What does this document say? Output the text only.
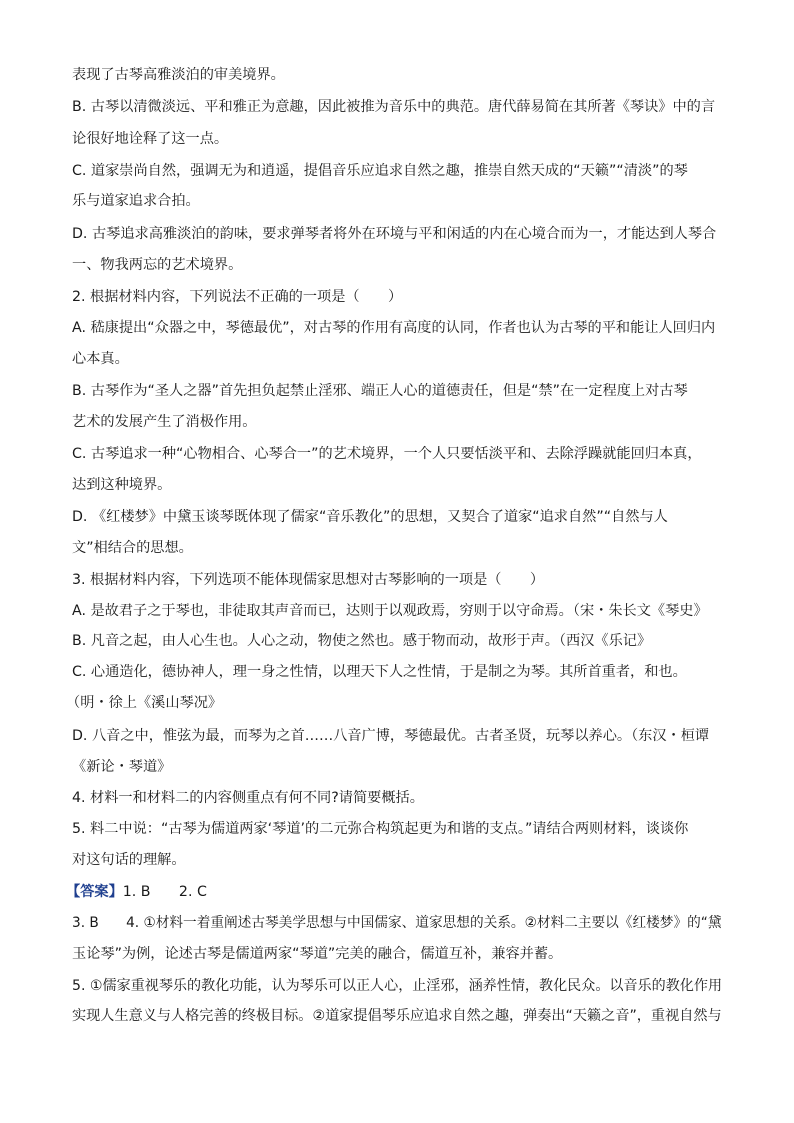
表现了古琴高雅淡泊的审美境界。
B. 古琴以清微淡远、平和雅正为意趣，因此被推为音乐中的典范。唐代薛易简在其所著《琴诀》中的言
论很好地诠释了这一点。
C. 道家崇尚自然，强调无为和逍遥，提倡音乐应追求自然之趣，推崇自然天成的“天籁”“清淡”的琴
乐与道家追求合拍。
D. 古琴追求高雅淡泊的韵味，要求弹琴者将外在环境与平和闲适的内在心境合而为一，才能达到人琴合
一、物我两忘的艺术境界。
2. 根据材料内容，下列说法不正确的一项是（　　）
A. 嵇康提出“众器之中，琴德最优”，对古琴的作用有高度的认同，作者也认为古琴的平和能让人回归内
心本真。
B. 古琴作为“圣人之器”首先担负起禁止淫邪、端正人心的道德责任，但是“禁”在一定程度上对古琴
艺术的发展产生了消极作用。
C. 古琴追求一种“心物相合、心琴合一”的艺术境界，一个人只要恬淡平和、去除浮躁就能回归本真，
达到这种境界。
D. 《红楼梦》中黛玉谈琴既体现了儒家“音乐教化”的思想，又契合了道家“追求自然”“自然与人
文”相结合的思想。
3. 根据材料内容，下列选项不能体现儒家思想对古琴影响的一项是（　　）
A. 是故君子之于琴也，非徒取其声音而已，达则于以观政焉，穷则于以守命焉。（宋・朱长文《琴史》
B. 凡音之起，由人心生也。人心之动，物使之然也。感于物而动，故形于声。（西汉《乐记》
C. 心通造化，德协神人，理一身之性情，以理天下人之性情，于是制之为琴。其所首重者，和也。
（明・徐上《溪山琴况》
D. 八音之中，惟弦为最，而琴为之首……八音广博，琴德最优。古者圣贤，玩琴以养心。（东汉・桓谭
《新论・琴道》
4. 材料一和材料二的内容侧重点有何不同?请简要概括。
5. 料二中说：“古琴为儒道两家‘琴道’的二元弥合构筑起更为和谐的支点。”请结合两则材料，谈谈你
对这句话的理解。
【答案】1. B　　2. C
3. B　　4. ①材料一着重阐述古琴美学思想与中国儒家、道家思想的关系。②材料二主要以《红楼梦》的“黛
玉论琴”为例，论述古琴是儒道两家“琴道”完美的融合，儒道互补，兼容并蓄。
5. ①儒家重视琴乐的教化功能，认为琴乐可以正人心，止淫邪，涵养性情，教化民众。以音乐的教化作用
实现人生意义与人格完善的终极目标。②道家提倡琴乐应追求自然之趣，弹奏出“天籁之音”，重视自然与
